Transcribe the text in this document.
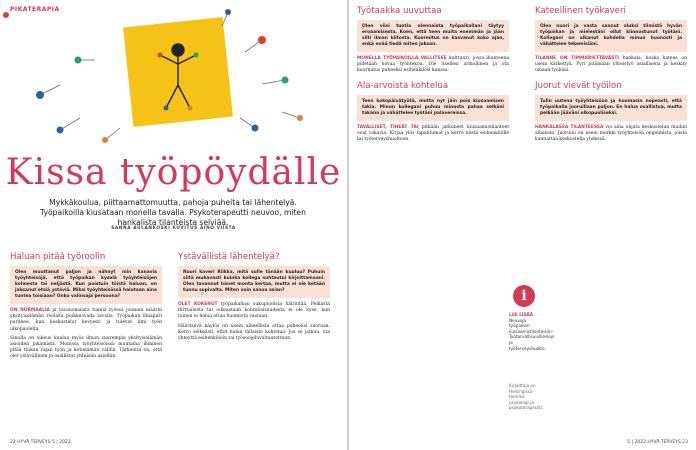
PIKATERAPIA
Kissa työpöydälle
Mykkäkoulua, piittaamattomuutta, pahoja puheita tai lähentelyä. Työpaikoilla kiusataan monella tavalla. Psykoterapeutti neuvoo, miten hankalista tilanteista selviää.
SANNA AULANKOSKI KUVITUS AINO VIISTA
Haluan pitää työroolin
Olen muuttanut paljon ja nähnyt niin kanavia työyhteisöjä, että työpaikan kyselä työyhteisöjen kolmesta tai neljästä. Kun poistuin töistä haluan, en jaksanut etsiä ystäviä. Miksi työyhteisössä halutaan aina tuntea toisiaan? Onko valinsaja persoona?

ON NORMAALIA ja tavanomaista toimia työssä joissain määrin yksityiselämän roolista poikkeavalla tavalla. Työpaikan ilmapiiri paranee, kun keskustelut kevyesti ja tulevat ilmi työn ulkopuolelta.

Sinulla on oikeus kuulua myös ilman suurempia yksityiselämän asioiden jakamista. Monissa työyhteisöissä muutama ihminen pitää tiukan rajan työn ja kotielämän välillä. Tärkeintä on, että olet ystävällinen ja osallistut yhteisiin asioihin.

Ystävällistä lähentelyä?
Nuori kaveri Riikka, mitä sulle tänään kuuluu? Puhuin siitä mukavasti kuinka kollega suhtautui kirjoittamaani. Olen tavannut hänet monta kertaa, mutta ei ole ketään tunnu sopivalta. Miten voin sanoa asian?

OLET KOKENUT työpaikallasi sukupuolista häirintää. Pelkästä flirttailusta tai oikeastaan kohteliaisuudesta ei ole kyse, kun toinen ei halua ottaa huomiota vastaan.

Häiritsevä käytös on usein aiheellista ottaa puheeksi suoraan. Kerro selkeästi, ettet halua tällaista kohtelua. Jos se jatkuu, ota yhteyttä esihenkilöön tai työsuojeluvaltuutettuun.

22 HYVÄ TERVEYS 5 | 2022
Työtaakka uuvuttaa
Olen viisi tuntia olennaista työpaikallani täytyy eroaamisesta. Koen, että teen muita enemmän ja jään silti ilman kiitosta. Kuormitus on kasvanut koko ajan, enkä enää tiedä miten jaksan.

MONELLA TYÖPAIKOILLA VALLITSEE kulttuuri, jossa ihanteena pidetään kovaa työntekoa. Ole itsellesi armollinen ja ota kuormitus puheeksi esihenkilösi kanssa.

Ala-arvoista kohtelua
Teen kokopäivätyötä, mutta nyt jäin pois kiusaamisen takia. Minun kollegani puhuu minusta pahaa selkäni takana ja vähättelee työtäni palavereissa.

TAVALLISET, TIHEÄT TAI pitkään jatkuneet kiusaamistilanteet ovat vakavia. Kirjaa ylös tapahtumat ja kerro niistä esihenkilölle tai työterveyshuoltoon.

Kateellinen työkaveri
Olen nuori ja vasta saanut aluksi tiimistä hyvän työpaikan ja mielestäni ollut kiinnostunut työtäni. Kollegani on alkanut kohdella minua huonosti ja vähättelee tekemisiäni.

TILANNE ON TIMMARIETTÄVÄSTI hankala, koska kateus on usein kätkettyä. Pyri pitämään yhteistyö asiallisena ja keskity omaan työhösi.

Juorut vievät työilon
Tulin uutena työyhteisöön ja huomasin nopeasti, että työpaikalla juoruillaan paljon. En halua osallistua, mutta pelkään jääväni ulkopuoliseksi.

HANKALASSA TILANTEESSA voi aina ohjata keskustelun muihin aiheisiin. Juoruilu on usein merkki työyhteisön ongelmista, joista kannattaa keskustella yhdessä.

i
LUE LISÄÄ
Neuvoja työpaikan kiusaamistilanteisiin: Työturvallisuuskeskus ja työterveyshuolto.
Kirjoittaja on Helsingissä toimiva psykologi ja psykoterapeutti.
5 | 2022 HYVÄ TERVEYS 23
